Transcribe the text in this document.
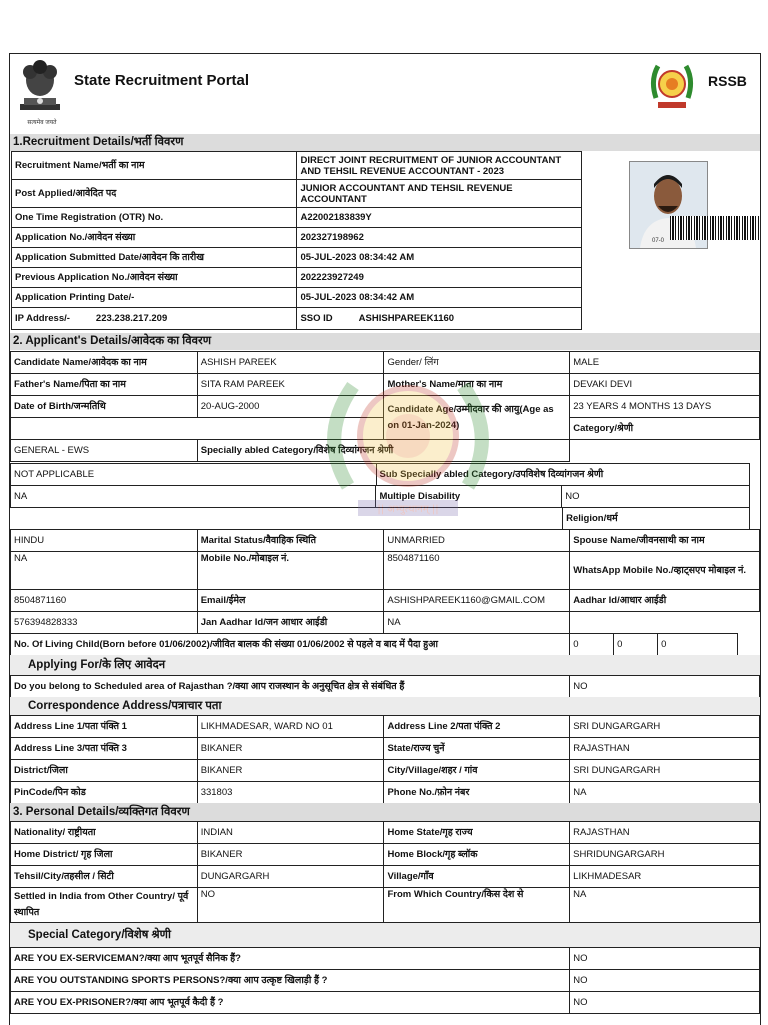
सत्यमेव जयते
State Recruitment Portal	RSSB
1.Recruitment Details/भर्ती विवरण
Recruitment Name/भर्ती का नाम	DIRECT JOINT RECRUITMENT OF JUNIOR ACCOUNTANT AND TEHSIL REVENUE ACCOUNTANT - 2023
Post Applied/आवेदित पद	JUNIOR ACCOUNTANT AND TEHSIL REVENUE ACCOUNTANT
One Time Registration (OTR) No.	A22002183839Y
Application No./आवेदन संख्या	202327198962
Application Submitted Date/आवेदन कि तारीख	05-JUL-2023 08:34:42 AM
Previous Application No./आवेदन संख्या	202223927249
Application Printing Date/-	05-JUL-2023 08:34:42 AM
IP Address/- 223.238.217.209	SSO ID ASHISHPAREEK1160
07-0
2. Applicant's Details/आवेदक का विवरण
Candidate Name/आवेदक का नाम	ASHISH PAREEK	Gender/ लिंग	MALE
Father's Name/पिता का नाम	SITA RAM PAREEK	Mother's Name/माता का नाम	DEVAKI DEVI
Date of Birth/जन्मतिथि	20-AUG-2000	Candidate Age/उम्मीदवार की आयु(Age as on 01-Jan-2024)	23 YEARS 4 MONTHS 13 DAYS
			Category/श्रेणी
GENERAL - EWS	Specially abled Category/विशेष दिव्यांगजन श्रेणी		
NOT APPLICABLE	Sub Specially abled Category/उपविशेष दिव्यांगजन श्रेणी
NA	Multiple Disability	NO
	Religion/धर्म
HINDU	Marital Status/वैवाहिक स्थिति	UNMARRIED	Spouse Name/जीवनसाथी का नाम
NA	Mobile No./मोबाइल नं.	8504871160	WhatsApp Mobile No./व्हाट्सएप मोबाइल नं.
8504871160	Email/ईमेल	ASHISHPAREEK1160@GMAIL.COM	Aadhar Id/आधार आईडी
576394828333	Jan Aadhar Id/जन आधार आईडी	NA	
No. Of Living Child(Born before 01/06/2002)/जीवित बालक की संख्या 01/06/2002 से पहले व बाद में पैदा हुआ	0	0	0
Applying For/के लिए आवेदन
Do you belong to Scheduled area of Rajasthan ?/क्या आप राजस्थान के अनुसूचित क्षेत्र से संबंधित हैं	NO
Correspondence Address/पत्राचार पता
Address Line 1/पता पंक्ति 1	LIKHMADESAR, WARD NO 01	Address Line 2/पता पंक्ति 2	SRI DUNGARGARH
Address Line 3/पता पंक्ति 3	BIKANER	State/राज्य चुनें	RAJASTHAN
District/जिला	BIKANER	City/Village/शहर / गांव	SRI DUNGARGARH
PinCode/पिन कोड	331803	Phone No./फ़ोन नंबर	NA
3. Personal Details/व्यक्तिगत विवरण
Nationality/ राष्ट्रीयता	INDIAN	Home State/गृह राज्य	RAJASTHAN
Home District/ गृह जिला	BIKANER	Home Block/गृह ब्लॉक	SHRIDUNGARGARH
Tehsil/City/तहसील / सिटी	DUNGARGARH	Village/गाँव	LIKHMADESAR
Settled in India from Other Country/ पूर्व स्थापित	NO	From Which Country/किस देश से	NA
Special Category/विशेष श्रेणी
ARE YOU EX-SERVICEMAN?/क्या आप भूतपूर्व सैनिक हैं?	NO
ARE YOU OUTSTANDING SPORTS PERSONS?/क्या आप उत्कृष्ट खिलाड़ी हैं ?	NO
ARE YOU EX-PRISONER?/क्या आप भूतपूर्व कैदी हैं ?	NO
|| अभ्युत्थानम् ||
